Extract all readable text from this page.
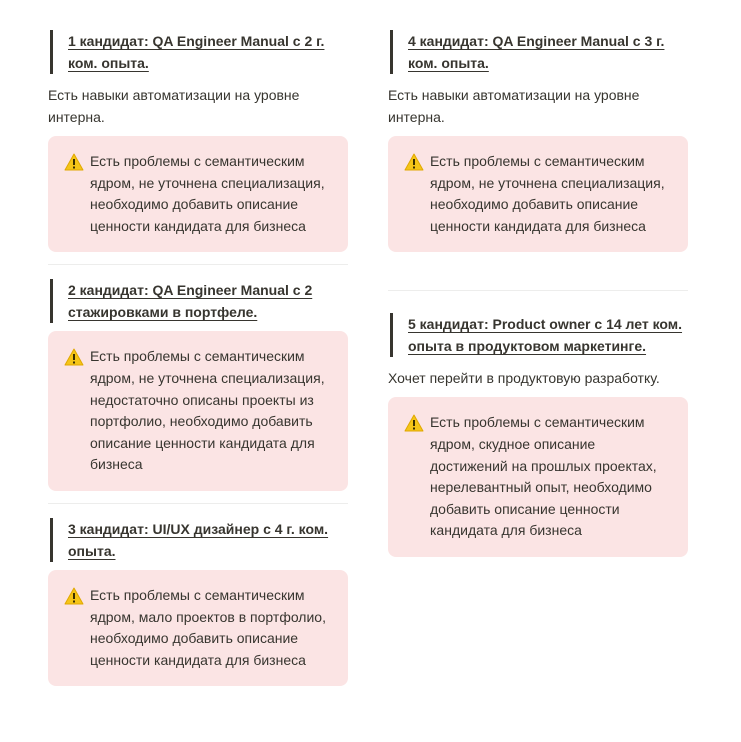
1 кандидат: QA Engineer Manual с 2 г. ком. опыта.
Есть навыки автоматизации на уровне интерна.
Есть проблемы с семантическим ядром, не уточнена специализация, необходимо добавить описание ценности кандидата для бизнеса
2 кандидат: QA Engineer Manual с 2 стажировками в портфеле.
Есть проблемы с семантическим ядром, не уточнена специализация, недостаточно описаны проекты из портфолио, необходимо добавить описание ценности кандидата для бизнеса
3 кандидат: UI/UX дизайнер с 4 г. ком. опыта.
Есть проблемы с семантическим ядром, мало проектов в портфолио, необходимо добавить описание ценности кандидата для бизнеса
4 кандидат: QA Engineer Manual с 3 г. ком. опыта.
Есть навыки автоматизации на уровне интерна.
Есть проблемы с семантическим ядром, не уточнена специализация, необходимо добавить описание ценности кандидата для бизнеса
5 кандидат: Product owner с 14 лет ком. опыта в продуктовом маркетинге.
Хочет перейти в продуктовую разработку.
Есть проблемы с семантическим ядром, скудное описание достижений на прошлых проектах, нерелевантный опыт, необходимо добавить описание ценности кандидата для бизнеса
